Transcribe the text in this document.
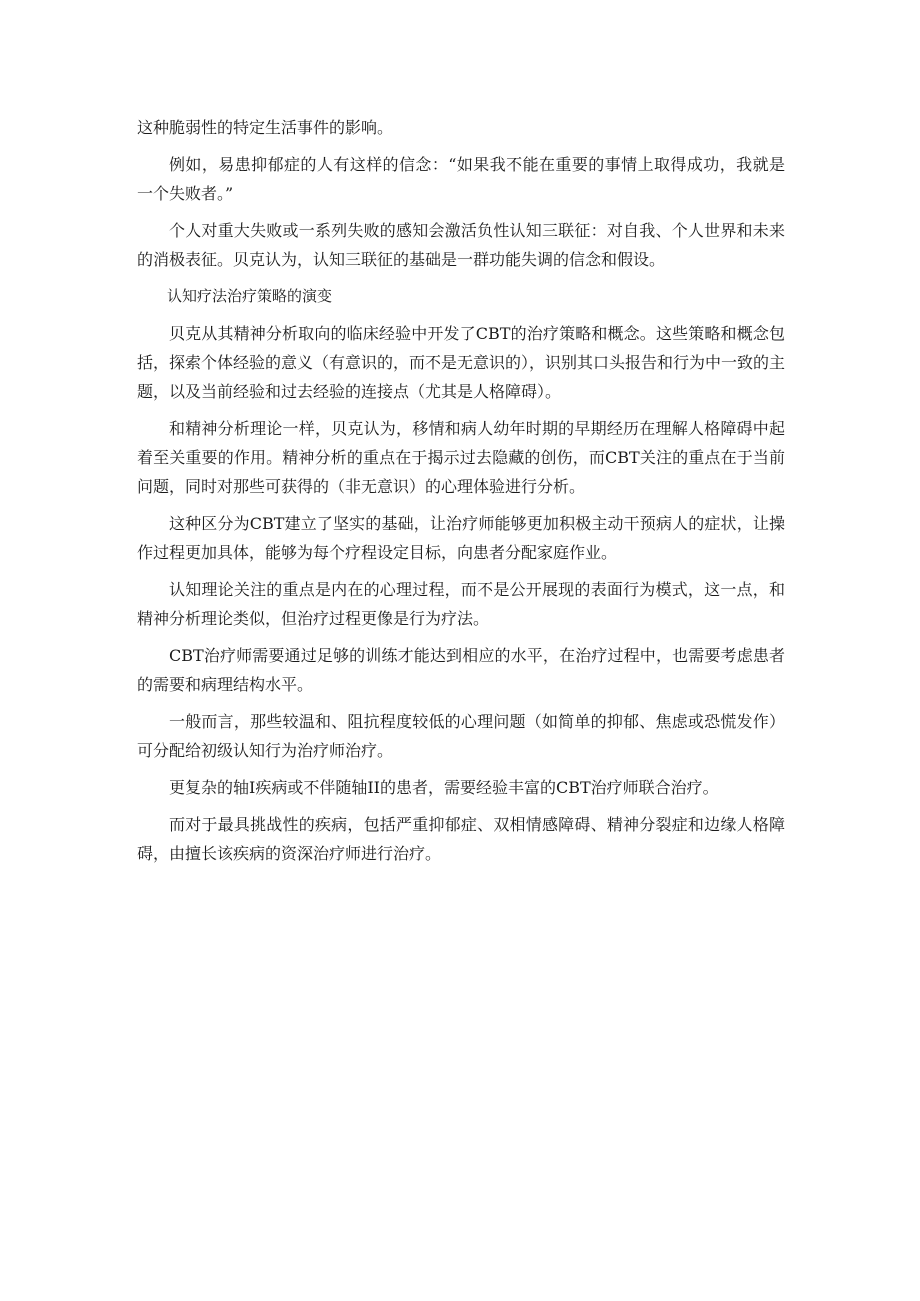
这种脆弱性的特定生活事件的影响。

例如，易患抑郁症的人有这样的信念：“如果我不能在重要的事情上取得成功，我就是一个失败者。”

个人对重大失败或一系列失败的感知会激活负性认知三联征：对自我、个人世界和未来的消极表征。贝克认为，认知三联征的基础是一群功能失调的信念和假设。

认知疗法治疗策略的演变

贝克从其精神分析取向的临床经验中开发了CBT的治疗策略和概念。这些策略和概念包括，探索个体经验的意义（有意识的，而不是无意识的），识别其口头报告和行为中一致的主题，以及当前经验和过去经验的连接点（尤其是人格障碍）。

和精神分析理论一样，贝克认为，移情和病人幼年时期的早期经历在理解人格障碍中起着至关重要的作用。精神分析的重点在于揭示过去隐藏的创伤，而CBT关注的重点在于当前问题，同时对那些可获得的（非无意识）的心理体验进行分析。

这种区分为CBT建立了坚实的基础，让治疗师能够更加积极主动干预病人的症状，让操作过程更加具体，能够为每个疗程设定目标，向患者分配家庭作业。

认知理论关注的重点是内在的心理过程，而不是公开展现的表面行为模式，这一点，和精神分析理论类似，但治疗过程更像是行为疗法。

CBT治疗师需要通过足够的训练才能达到相应的水平，在治疗过程中，也需要考虑患者的需要和病理结构水平。

一般而言，那些较温和、阻抗程度较低的心理问题（如简单的抑郁、焦虑或恐慌发作）可分配给初级认知行为治疗师治疗。

更复杂的轴I疾病或不伴随轴II的患者，需要经验丰富的CBT治疗师联合治疗。

而对于最具挑战性的疾病，包括严重抑郁症、双相情感障碍、精神分裂症和边缘人格障碍，由擅长该疾病的资深治疗师进行治疗。
